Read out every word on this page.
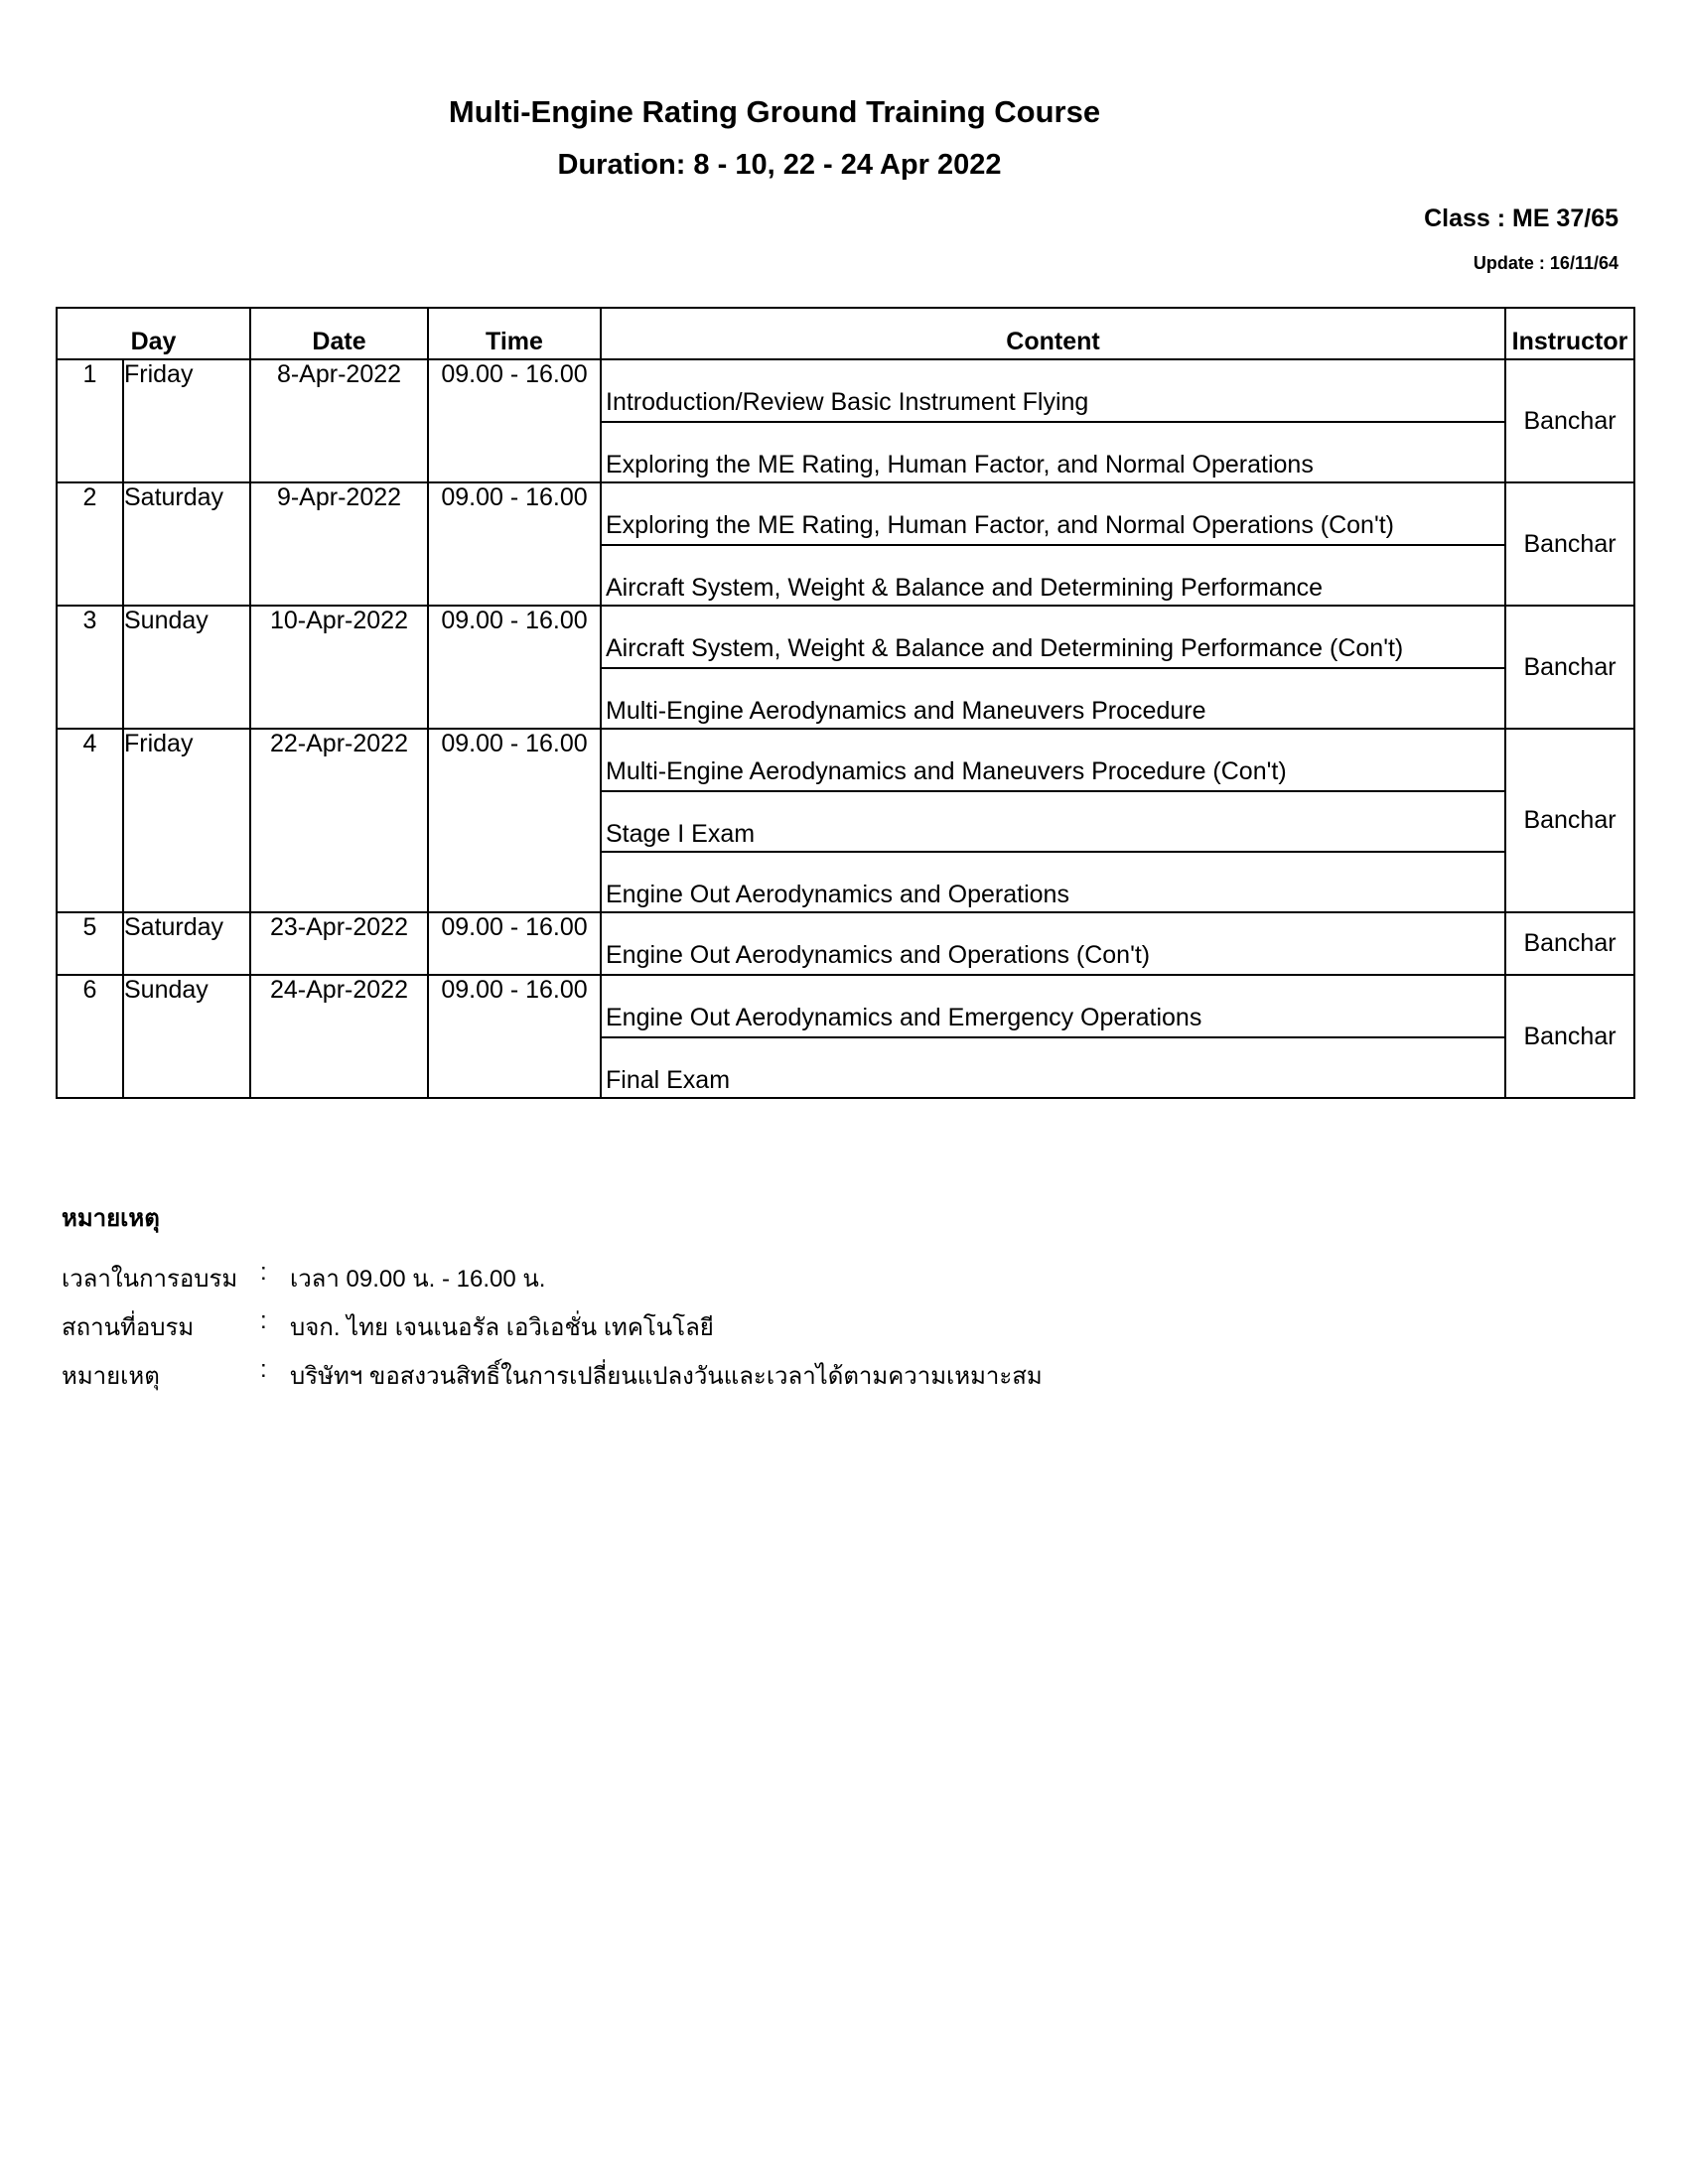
Multi-Engine Rating Ground Training Course
Duration: 8 - 10, 22 - 24 Apr 2022
Class : ME 37/65
Update : 16/11/64
Day		Date	Time	Content	Instructor
1	Friday	8-Apr-2022	09.00 - 16.00	Introduction/Review Basic Instrument Flying
Exploring the ME Rating, Human Factor, and Normal Operations	Banchar
2	Saturday	9-Apr-2022	09.00 - 16.00	Exploring the ME Rating, Human Factor, and Normal Operations (Con't)
Aircraft System, Weight & Balance and Determining Performance	Banchar
3	Sunday	10-Apr-2022	09.00 - 16.00	Aircraft System, Weight & Balance and Determining Performance (Con't)
Multi-Engine Aerodynamics and Maneuvers Procedure	Banchar
4	Friday	22-Apr-2022	09.00 - 16.00	Multi-Engine Aerodynamics and Maneuvers Procedure (Con't)
Stage I Exam
Engine Out Aerodynamics and Operations	Banchar
5	Saturday	23-Apr-2022	09.00 - 16.00	Engine Out Aerodynamics and Operations (Con't)	Banchar
6	Sunday	24-Apr-2022	09.00 - 16.00	Engine Out Aerodynamics and Emergency Operations
Final Exam	Banchar
หมายเหตุ
เวลาในการอบรม : เวลา 09.00 น. - 16.00 น.
สถานที่อบรม	: บจก. ไทย เจนเนอรัล เอวิเอชั่น เทคโนโลยี
หมายเหตุ	: บริษัทฯ ขอสงวนสิทธิ์ในการเปลี่ยนแปลงวันและเวลาได้ตามความเหมาะสม
